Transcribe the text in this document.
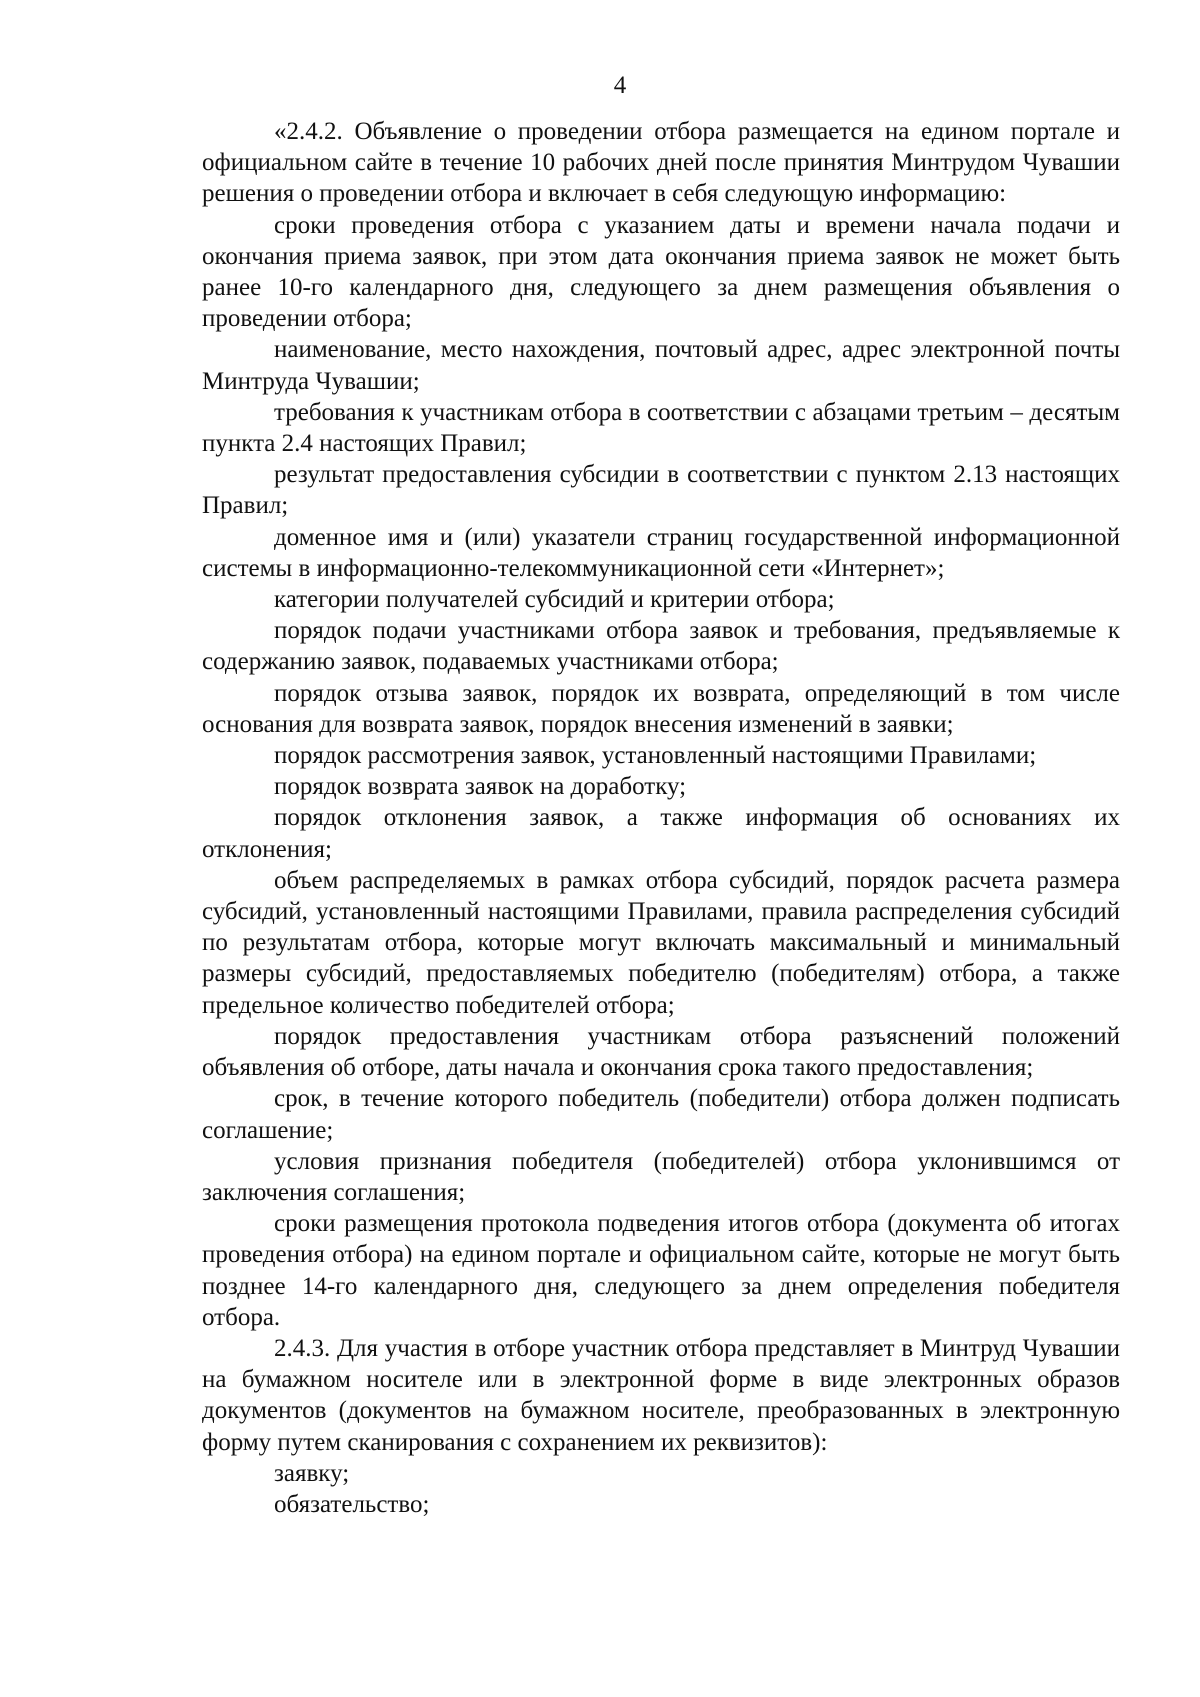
4

«2.4.2. Объявление о проведении отбора размещается на едином портале и официальном сайте в течение 10 рабочих дней после принятия Минтрудом Чувашии решения о проведении отбора и включает в себя следующую информацию:

сроки проведения отбора с указанием даты и времени начала подачи и окончания приема заявок, при этом дата окончания приема заявок не может быть ранее 10-го календарного дня, следующего за днем размещения объявления о проведении отбора;

наименование, место нахождения, почтовый адрес, адрес электронной почты Минтруда Чувашии;

требования к участникам отбора в соответствии с абзацами третьим – десятым пункта 2.4 настоящих Правил;

результат предоставления субсидии в соответствии с пунктом 2.13 настоящих Правил;

доменное имя и (или) указатели страниц государственной информационной системы в информационно-телекоммуникационной сети «Интернет»;

категории получателей субсидий и критерии отбора;

порядок подачи участниками отбора заявок и требования, предъявляемые к содержанию заявок, подаваемых участниками отбора;

порядок отзыва заявок, порядок их возврата, определяющий в том числе основания для возврата заявок, порядок внесения изменений в заявки;

порядок рассмотрения заявок, установленный настоящими Правилами;

порядок возврата заявок на доработку;

порядок отклонения заявок, а также информация об основаниях их отклонения;

объем распределяемых в рамках отбора субсидий, порядок расчета размера субсидий, установленный настоящими Правилами, правила распределения субсидий по результатам отбора, которые могут включать максимальный и минимальный размеры субсидий, предоставляемых победителю (победителям) отбора, а также предельное количество победителей отбора;

порядок предоставления участникам отбора разъяснений положений объявления об отборе, даты начала и окончания срока такого предоставления;

срок, в течение которого победитель (победители) отбора должен подписать соглашение;

условия признания победителя (победителей) отбора уклонившимся от заключения соглашения;

сроки размещения протокола подведения итогов отбора (документа об итогах проведения отбора) на едином портале и официальном сайте, которые не могут быть позднее 14-го календарного дня, следующего за днем определения победителя отбора.

2.4.3. Для участия в отборе участник отбора представляет в Минтруд Чувашии на бумажном носителе или в электронной форме в виде электронных образов документов (документов на бумажном носителе, преобразованных в электронную форму путем сканирования с сохранением их реквизитов):

заявку;

обязательство;
